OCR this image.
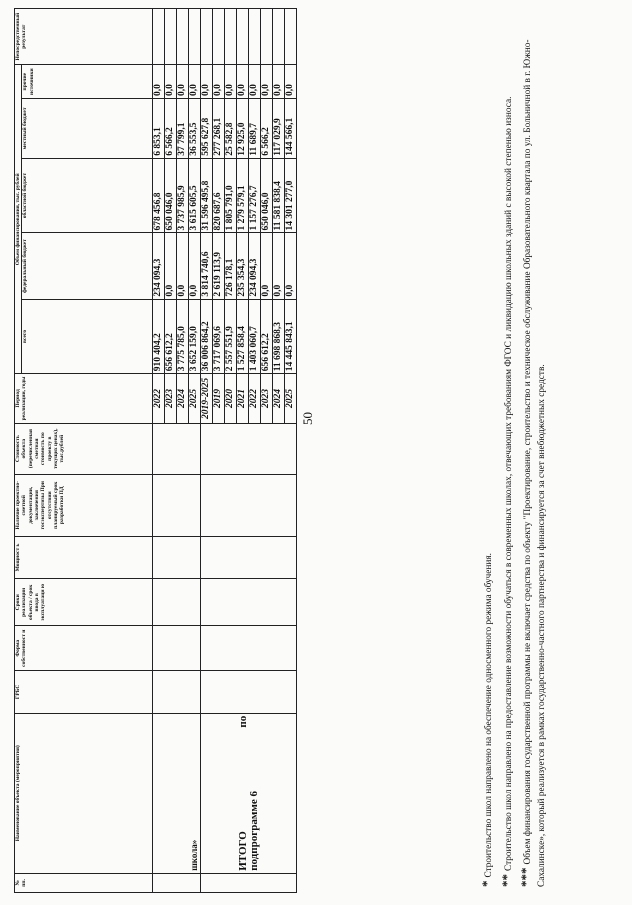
50
№ пп.	Наименование объекта (мероприятия)	ГРБС	Форма собственност и	Сроки реализации объекта / срок ввода в эксплуатаци ю	Мощност ь	Наличие проектно-сметной документации, заключения госэкспертизы При отсутствии планируемый срок разработки ПД	Стоимость объекта (перечисленная сметная стоимость по проекту в текущих ценах), тыс.рублей	Период реализации, годы	Объем финансирования, тыс. рублей					Непосредственный результат
									всего	федеральный бюджет	областной бюджет	местный бюджет	прочие источники	
	школа»							2022	910 404,2	234 094,3	678 456,8	6 853,1	0,0	
								2023	656 612,2	0,0	650 046,0	6 566,2	0,0	
								2024	3 775 785,0	0,0	3 737 985,9	37 799,1	0,0	
								2025	3 652 159,0	0,0	3 615 605,5	36 553,5	0,0	
	ИТОГО
по

подпрограмме 6							2019-2025	36 006 864,2	3 814 740,6	31 596 495,8	595 627,8	0,0	
								2019	3 717 069,6	2 619 113,9	820 687,6	277 268,1	0,0	
								2020	2 557 551,9	726 178,1	1 805 791,0	25 582,8	0,0	
								2021	1 527 858,4	235 354,3	1 279 579,1	12 925,0	0,0	
								2022	1 403 060,7	234 094,3	1 157 276,7	11 689,7	0,0	
								2023	656 612,2	0,0	650 046,0	6 566,2	0,0	
								2024	11 698 868,3	0,0	11 581 838,4	117 029,9	0,0	
								2025	14 445 843,1	0,0	14 301 277,0	144 566,1	0,0	

*Строительство школ направлено на обеспечение односменного режима обучения.

**Строительство школ направлено на предоставление возможности обучаться в современных школах, отвечающих требованиям ФГОС и ликвидацию школьных зданий с высокой степенью износа.

***Объем финансирования государственной программы не включает средства по объекту "Проектирование, строительство и техническое обслуживание Образовательного квартала по ул. Больничной в г. Южно-Сахалинске», который реализуется в рамках государственно-частного партнерства и финансируется за счет внебюджетных средств.
